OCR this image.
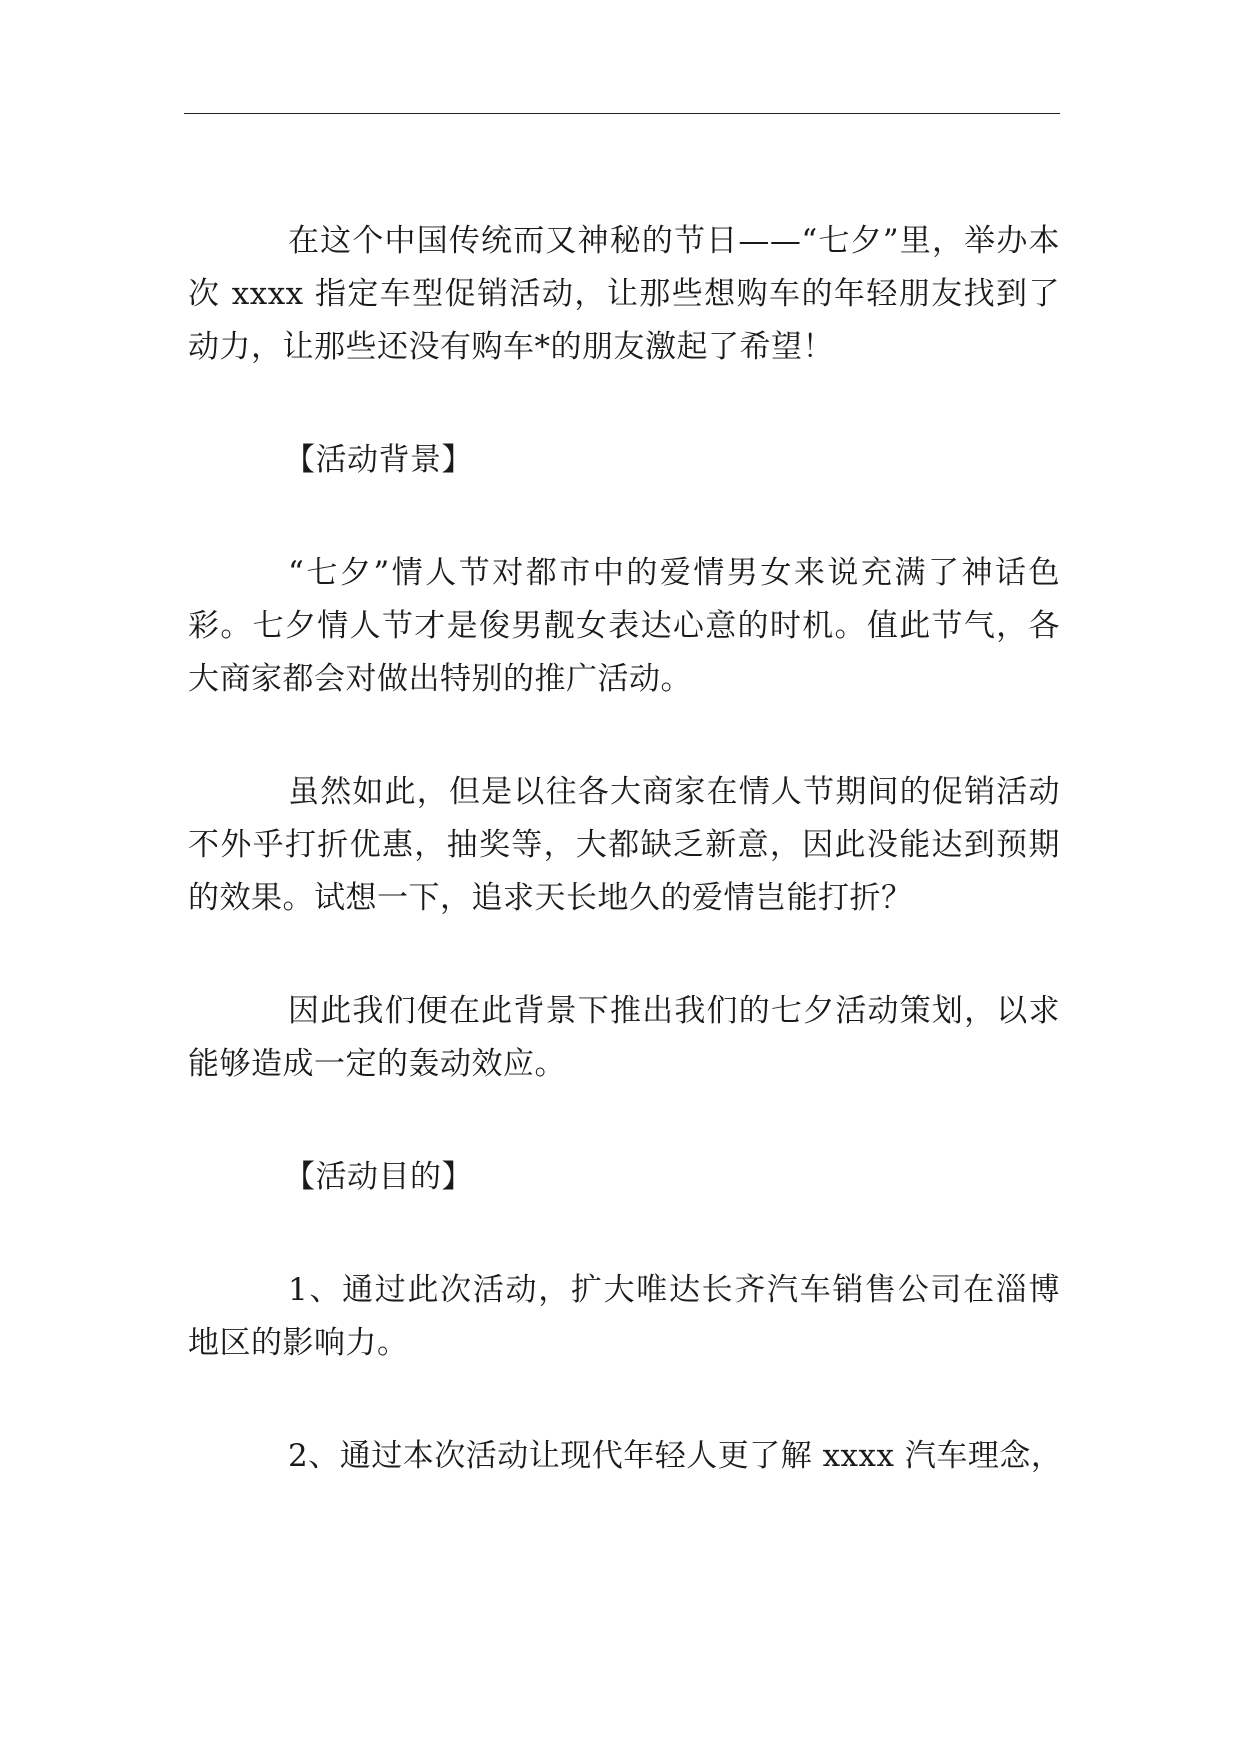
在这个中国传统而又神秘的节日——“七夕”里，举办本次 xxxx 指定车型促销活动，让那些想购车的年轻朋友找到了动力，让那些还没有购车*的朋友激起了希望！

【活动背景】

“七夕”情人节对都市中的爱情男女来说充满了神话色彩。七夕情人节才是俊男靓女表达心意的时机。值此节气，各大商家都会对做出特别的推广活动。

虽然如此，但是以往各大商家在情人节期间的促销活动不外乎打折优惠，抽奖等，大都缺乏新意，因此没能达到预期的效果。试想一下，追求天长地久的爱情岂能打折？

因此我们便在此背景下推出我们的七夕活动策划，以求能够造成一定的轰动效应。

【活动目的】

1、通过此次活动，扩大唯达长齐汽车销售公司在淄博地区的影响力。

2、通过本次活动让现代年轻人更了解 xxxx 汽车理念，
